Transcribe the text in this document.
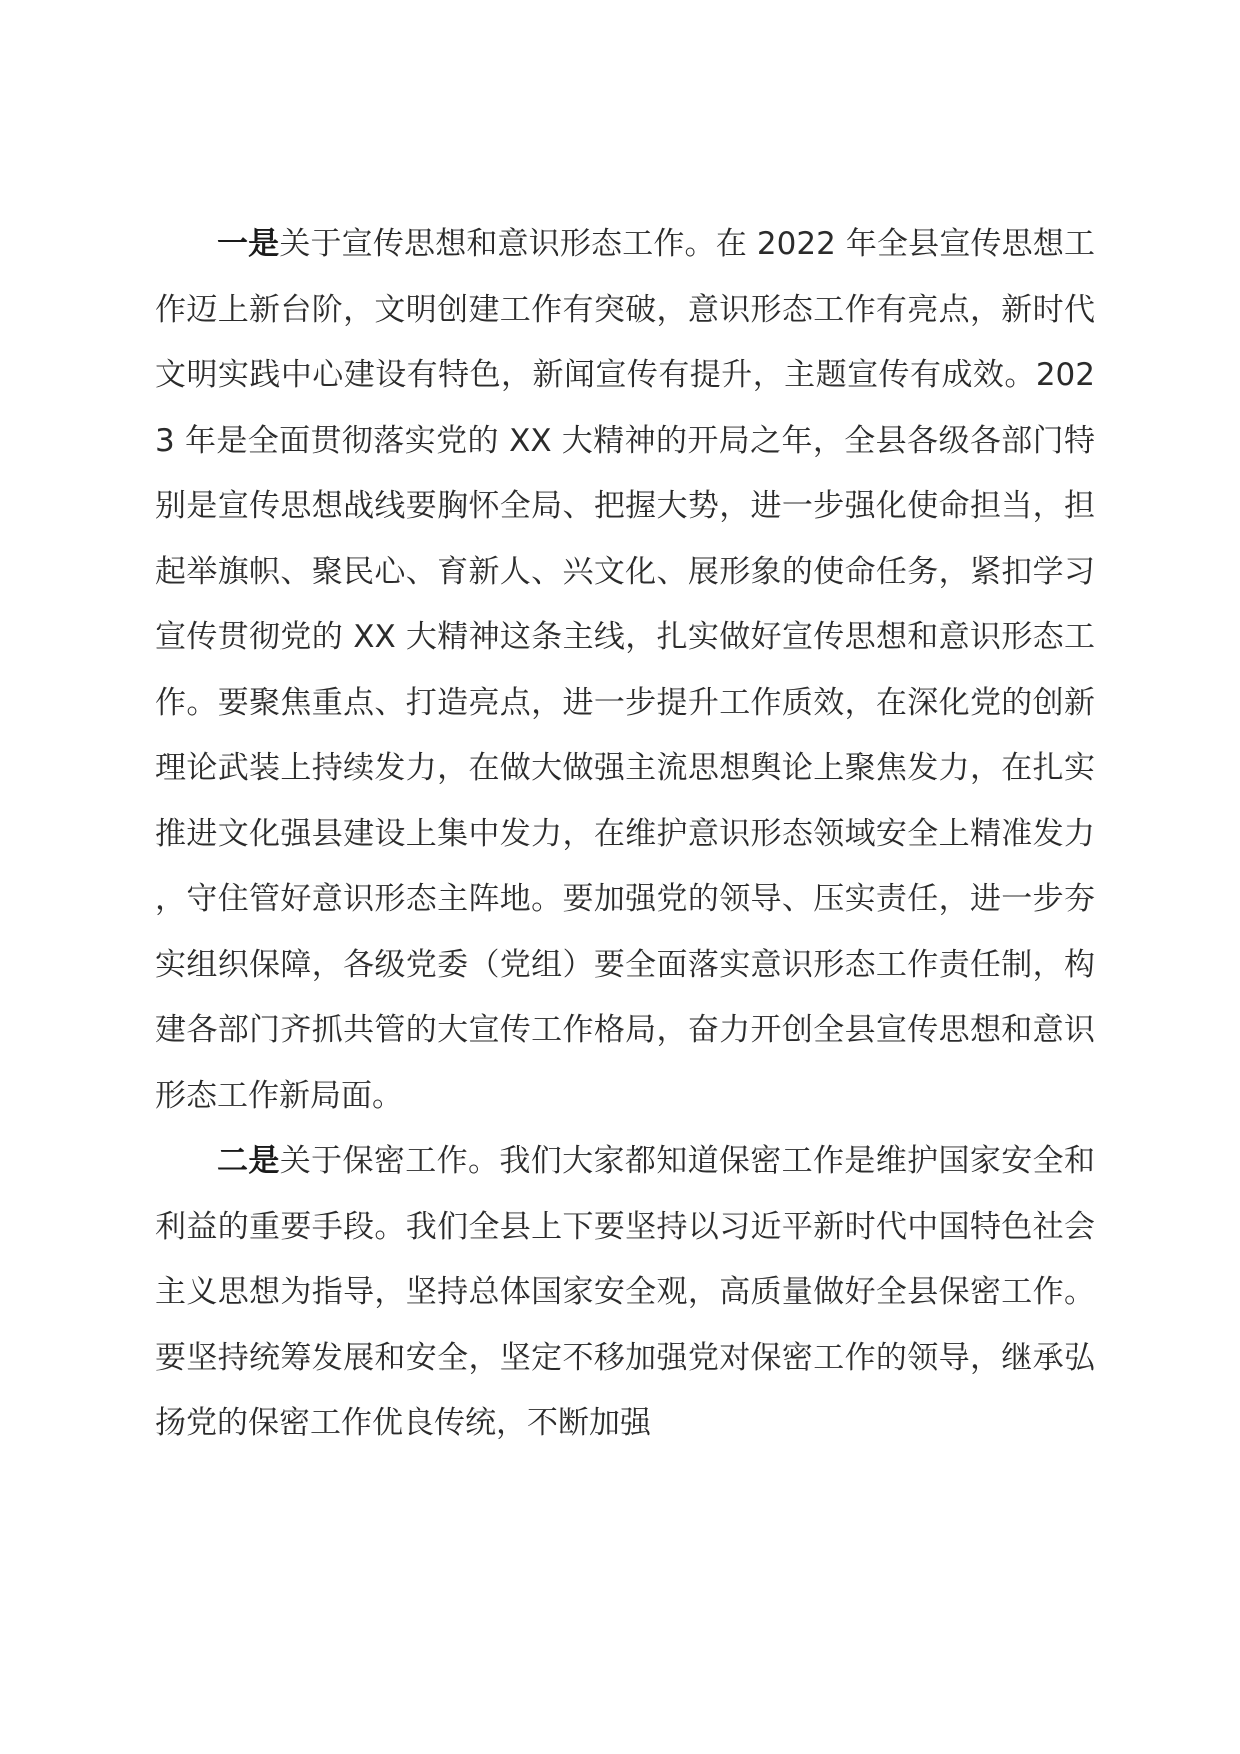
一是关于宣传思想和意识形态工作。在 2022 年全县宣传思想工作迈上新台阶，文明创建工作有突破，意识形态工作有亮点，新时代文明实践中心建设有特色，新闻宣传有提升，主题宣传有成效。2023 年是全面贯彻落实党的 XX 大精神的开局之年，全县各级各部门特别是宣传思想战线要胸怀全局、把握大势，进一步强化使命担当，担起举旗帜、聚民心、育新人、兴文化、展形象的使命任务，紧扣学习宣传贯彻党的 XX 大精神这条主线，扎实做好宣传思想和意识形态工作。要聚焦重点、打造亮点，进一步提升工作质效，在深化党的创新理论武装上持续发力，在做大做强主流思想舆论上聚焦发力，在扎实推进文化强县建设上集中发力，在维护意识形态领域安全上精准发力，守住管好意识形态主阵地。要加强党的领导、压实责任，进一步夯实组织保障，各级党委（党组）要全面落实意识形态工作责任制，构建各部门齐抓共管的大宣传工作格局，奋力开创全县宣传思想和意识形态工作新局面。

二是关于保密工作。我们大家都知道保密工作是维护国家安全和利益的重要手段。我们全县上下要坚持以习近平新时代中国特色社会主义思想为指导，坚持总体国家安全观，高质量做好全县保密工作。要坚持统筹发展和安全，坚定不移加强党对保密工作的领导，继承弘扬党的保密工作优良传统，不断加强
